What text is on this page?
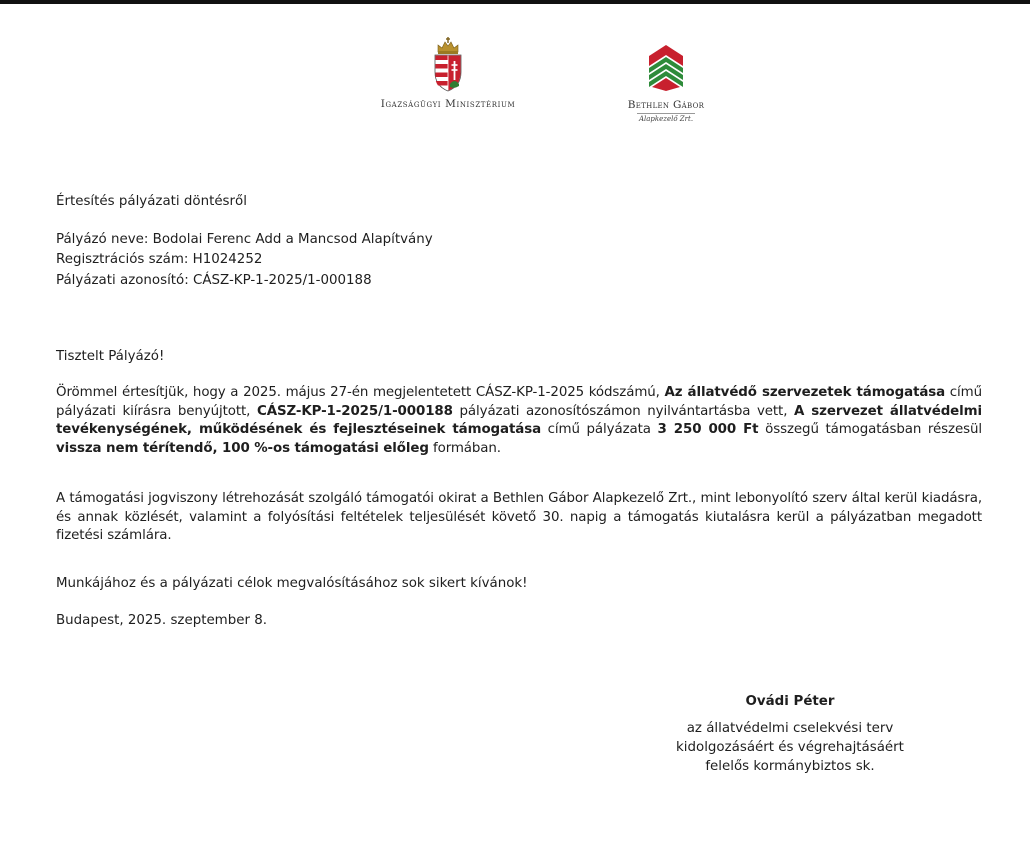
Igazságügyi Minisztérium	Bethlen Gábor
Alapkezelő Zrt.
Értesítés pályázati döntésről
Pályázó neve: Bodolai Ferenc Add a Mancsod Alapítvány
Regisztrációs szám: H1024252
Pályázati azonosító: CÁSZ-KP-1-2025/1-000188
Tisztelt Pályázó!
Örömmel értesítjük, hogy a 2025. május 27-én megjelentetett CÁSZ-KP-1-2025 kódszámú, Az állatvédő szervezetek támogatása című pályázati kiírásra benyújtott, CÁSZ-KP-1-2025/1-000188 pályázati azonosítószámon nyilvántartásba vett, A szervezet állatvédelmi tevékenységének, működésének és fejlesztéseinek támogatása című pályázata 3 250 000 Ft összegű támogatásban részesül vissza nem térítendő, 100 %-os támogatási előleg formában.
A támogatási jogviszony létrehozását szolgáló támogatói okirat a Bethlen Gábor Alapkezelő Zrt., mint lebonyolító szerv által kerül kiadásra, és annak közlését, valamint a folyósítási feltételek teljesülését követő 30. napig a támogatás kiutalásra kerül a pályázatban megadott fizetési számlára.
Munkájához és a pályázati célok megvalósításához sok sikert kívánok!
Budapest, 2025. szeptember 8.
Ovádi Péter
az állatvédelmi cselekvési terv
kidolgozásáért és végrehajtásáért
felelős kormánybiztos sk.
